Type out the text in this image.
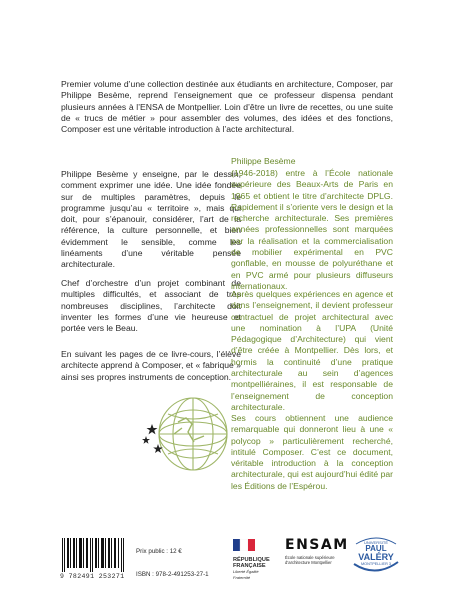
Premier volume d’une collection destinée aux étudiants en architecture, Composer, par Philippe Besème, reprend l’enseignement que ce professeur dispensa pendant plusieurs années à l’ENSA de Montpellier. Loin d’être un livre de recettes, ou une suite de « trucs de métier » pour assembler des volumes, des idées et des fonctions, Composer est une véritable introduction à l’acte architectural.

Philippe Besème y enseigne, par le dessin, comment exprimer une idée. Une idée fondée sur de multiples paramètres, depuis le programme jusqu’au « territoire », mais qui doit, pour s’épanouir, considérer, l’art de la référence, la culture personnelle, et bien évidemment le sensible, comme les linéaments d’une véritable pensée architecturale.

Chef d’orchestre d’un projet combinant de multiples difficultés, et associant de très nombreuses disciplines, l’architecte doit inventer les formes d’une vie heureuse et portée vers le Beau.

En suivant les pages de ce livre-cours, l’élève architecte apprend à Composer, et « fabrique » ainsi ses propres instruments de conception.

Philippe Besème

(1946-2018) entre à l’École nationale supérieure des Beaux-Arts de Paris en 1965 et obtient le titre d’architecte DPLG. Rapidement il s’oriente vers le design et la recherche architecturale. Ses premières années professionnelles sont marquées par la réalisation et la commercialisation de mobilier expérimental en PVC gonflable, en mousse de polyuréthane et en PVC armé pour plusieurs diffuseurs internationaux.

Après quelques expériences en agence et dans l’enseignement, il devient professeur contractuel de projet architectural avec une nomination à l’UPA (Unité Pédagogique d’Architecture) qui vient d’être créée à Montpellier. Dès lors, et hormis la continuité d’une pratique architecturale au sein d’agences montpelliéraines, il est responsable de l’enseignement de conception architecturale.

Ses cours obtiennent une audience remarquable qui donneront lieu à une « polycop » particulièrement recherché, intitulé Composer. C’est ce document, véritable introduction à la conception architecturale, qui est aujourd’hui édité par les Éditions de l’Espérou.

9 782491 253271
Prix public : 12 €
ISBN : 978-2-491253-27-1
RÉPUBLIQUE
FRANÇAISE
Liberté Égalité Fraternité
ENSAM
École nationale supérieure d’architecture Montpellier
UNIVERSITÉ
PAUL
VALÉRY
MONTPELLIER 3
